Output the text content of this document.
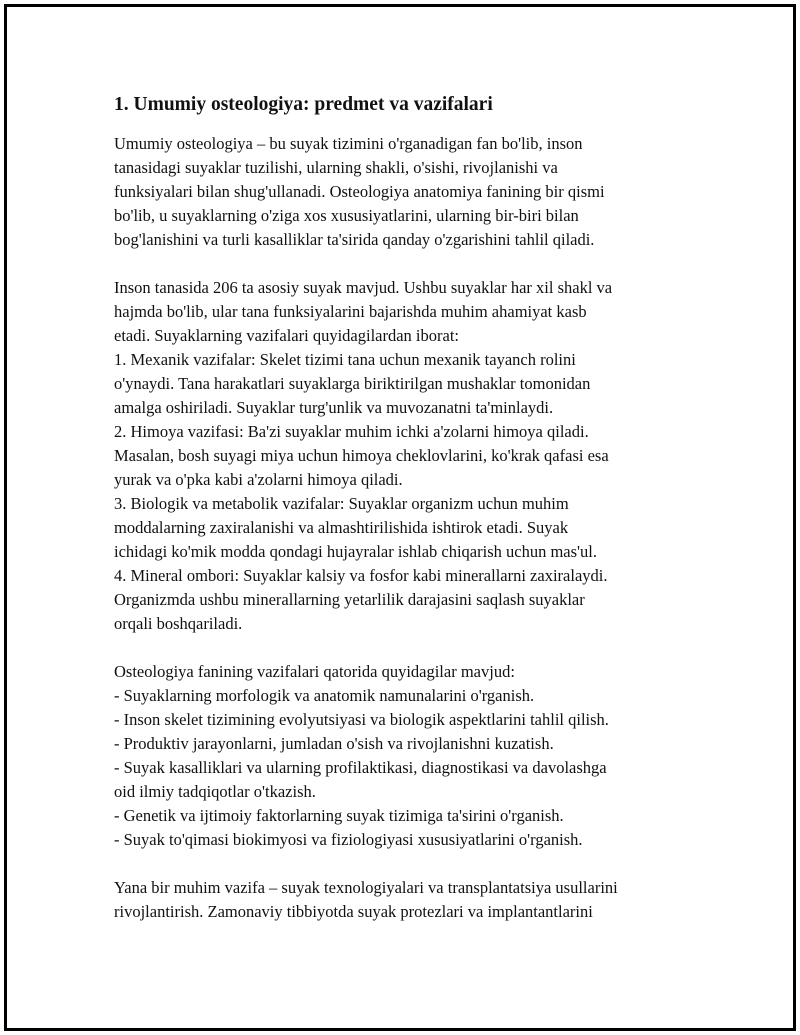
1. Umumiy osteologiya: predmet va vazifalari
Umumiy osteologiya – bu suyak tizimini o'rganadigan fan bo'lib, inson
tanasidagi suyaklar tuzilishi, ularning shakli, o'sishi, rivojlanishi va
funksiyalari bilan shug'ullanadi. Osteologiya anatomiya fanining bir qismi
bo'lib, u suyaklarning o'ziga xos xususiyatlarini, ularning bir-biri bilan
bog'lanishini va turli kasalliklar ta'sirida qanday o'zgarishini tahlil qiladi.
Inson tanasida 206 ta asosiy suyak mavjud. Ushbu suyaklar har xil shakl va
hajmda bo'lib, ular tana funksiyalarini bajarishda muhim ahamiyat kasb
etadi. Suyaklarning vazifalari quyidagilardan iborat:
1. Mexanik vazifalar: Skelet tizimi tana uchun mexanik tayanch rolini
o'ynaydi. Tana harakatlari suyaklarga biriktirilgan mushaklar tomonidan
amalga oshiriladi. Suyaklar turg'unlik va muvozanatni ta'minlaydi.
2. Himoya vazifasi: Ba'zi suyaklar muhim ichki a'zolarni himoya qiladi.
Masalan, bosh suyagi miya uchun himoya cheklovlarini, ko'krak qafasi esa
yurak va o'pka kabi a'zolarni himoya qiladi.
3. Biologik va metabolik vazifalar: Suyaklar organizm uchun muhim
moddalarning zaxiralanishi va almashtirilishida ishtirok etadi. Suyak
ichidagi ko'mik modda qondagi hujayralar ishlab chiqarish uchun mas'ul.
4. Mineral ombori: Suyaklar kalsiy va fosfor kabi minerallarni zaxiralaydi.
Organizmda ushbu minerallarning yetarlilik darajasini saqlash suyaklar
orqali boshqariladi.
Osteologiya fanining vazifalari qatorida quyidagilar mavjud:
- Suyaklarning morfologik va anatomik namunalarini o'rganish.
- Inson skelet tizimining evolyutsiyasi va biologik aspektlarini tahlil qilish.
- Produktiv jarayonlarni, jumladan o'sish va rivojlanishni kuzatish.
- Suyak kasalliklari va ularning profilaktikasi, diagnostikasi va davolashga
oid ilmiy tadqiqotlar o'tkazish.
- Genetik va ijtimoiy faktorlarning suyak tizimiga ta'sirini o'rganish.
- Suyak to'qimasi biokimyosi va fiziologiyasi xususiyatlarini o'rganish.
Yana bir muhim vazifa – suyak texnologiyalari va transplantatsiya usullarini
rivojlantirish. Zamonaviy tibbiyotda suyak protezlari va implantantlarini
